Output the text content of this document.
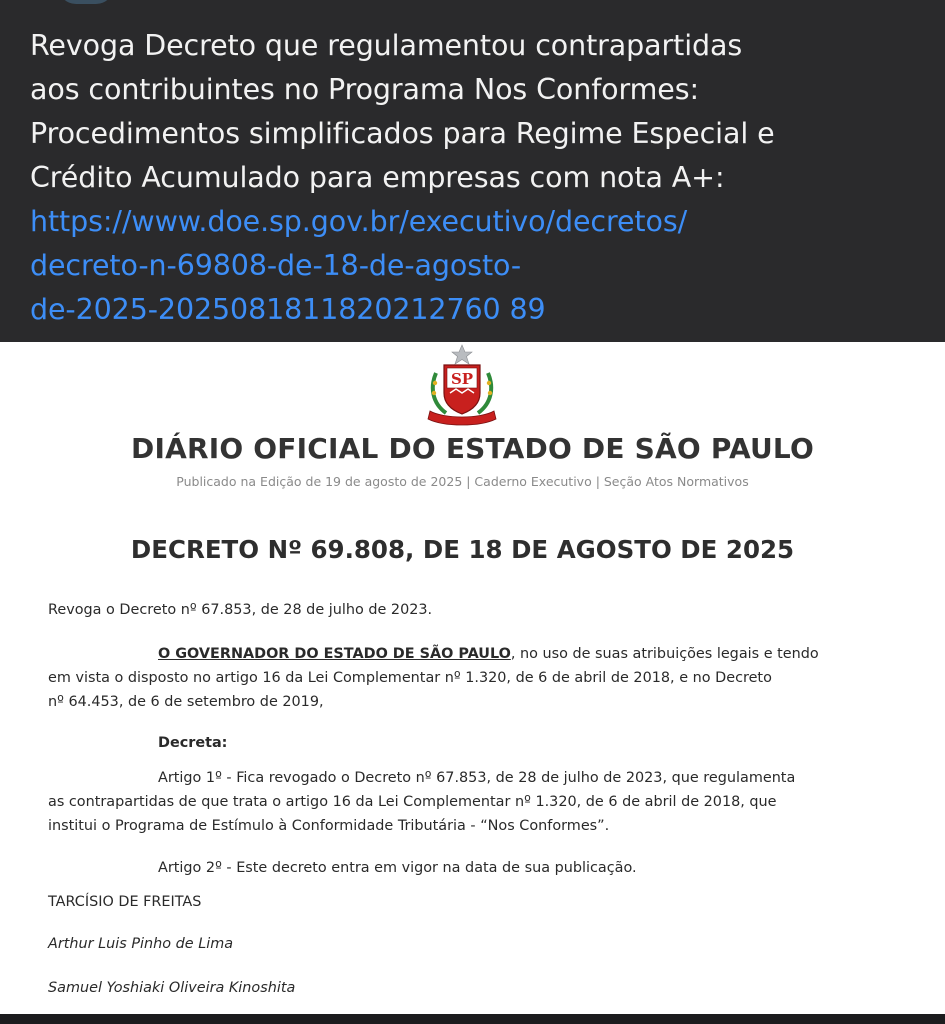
Revoga Decreto que regulamentou contrapartidas
aos contribuintes no Programa Nos Conformes:
Procedimentos simplificados para Regime Especial e
Crédito Acumulado para empresas com nota A+:
https://www.doe.sp.gov.br/executivo/decretos/
decreto-n-69808-de-18-de-agosto-
de-2025-2025081811820212760 89
SP
DIÁRIO OFICIAL DO ESTADO DE SÃO PAULO
Publicado na Edição de 19 de agosto de 2025 | Caderno Executivo | Seção Atos Normativos
DECRETO Nº 69.808, DE 18 DE AGOSTO DE 2025
Revoga o Decreto nº 67.853, de 28 de julho de 2023.
O GOVERNADOR DO ESTADO DE SÃO PAULO, no uso de suas atribuições legais e tendo
em vista o disposto no artigo 16 da Lei Complementar nº 1.320, de 6 de abril de 2018, e no Decreto
nº 64.453, de 6 de setembro de 2019,
Decreta:
Artigo 1º - Fica revogado o Decreto nº 67.853, de 28 de julho de 2023, que regulamenta
as contrapartidas de que trata o artigo 16 da Lei Complementar nº 1.320, de 6 de abril de 2018, que
institui o Programa de Estímulo à Conformidade Tributária - “Nos Conformes”.
Artigo 2º - Este decreto entra em vigor na data de sua publicação.
TARCÍSIO DE FREITAS
Arthur Luis Pinho de Lima
Samuel Yoshiaki Oliveira Kinoshita
